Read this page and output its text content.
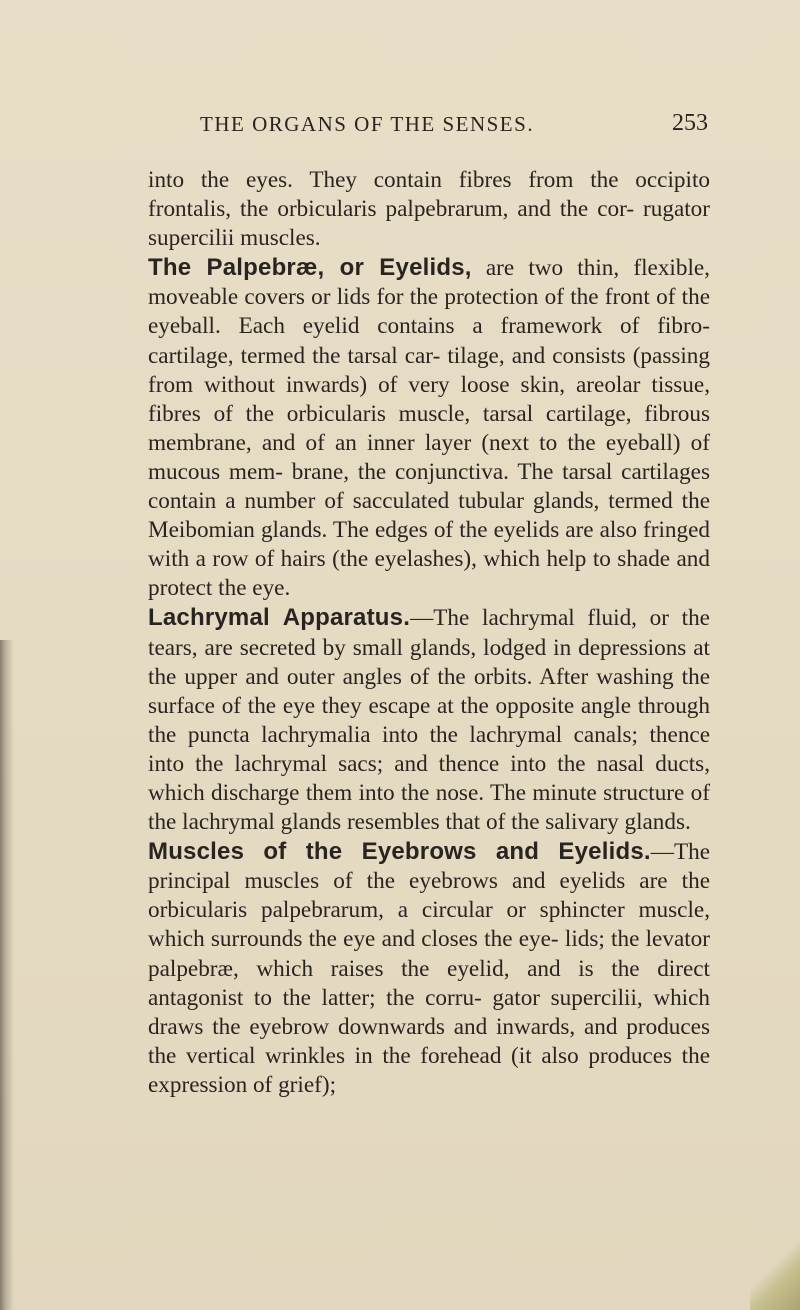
THE ORGANS OF THE SENSES.	253

into the eyes. They contain fibres from the occipito frontalis, the orbicularis palpebrarum, and the cor- rugator supercilii muscles.

The Palpebræ, or Eyelids, are two thin, flexible, moveable covers or lids for the protection of the front of the eyeball. Each eyelid contains a framework of fibro-cartilage, termed the tarsal car- tilage, and consists (passing from without inwards) of very loose skin, areolar tissue, fibres of the orbicularis muscle, tarsal cartilage, fibrous membrane, and of an inner layer (next to the eyeball) of mucous mem- brane, the conjunctiva. The tarsal cartilages contain a number of sacculated tubular glands, termed the Meibomian glands. The edges of the eyelids are also fringed with a row of hairs (the eyelashes), which help to shade and protect the eye.

Lachrymal Apparatus.—The lachrymal fluid, or the tears, are secreted by small glands, lodged in depressions at the upper and outer angles of the orbits. After washing the surface of the eye they escape at the opposite angle through the puncta lachrymalia into the lachrymal canals; thence into the lachrymal sacs; and thence into the nasal ducts, which discharge them into the nose. The minute structure of the lachrymal glands resembles that of the salivary glands.

Muscles of the Eyebrows and Eyelids.—The principal muscles of the eyebrows and eyelids are the orbicularis palpebrarum, a circular or sphincter muscle, which surrounds the eye and closes the eye- lids; the levator palpebræ, which raises the eyelid, and is the direct antagonist to the latter; the corru- gator supercilii, which draws the eyebrow downwards and inwards, and produces the vertical wrinkles in the forehead (it also produces the expression of grief);
